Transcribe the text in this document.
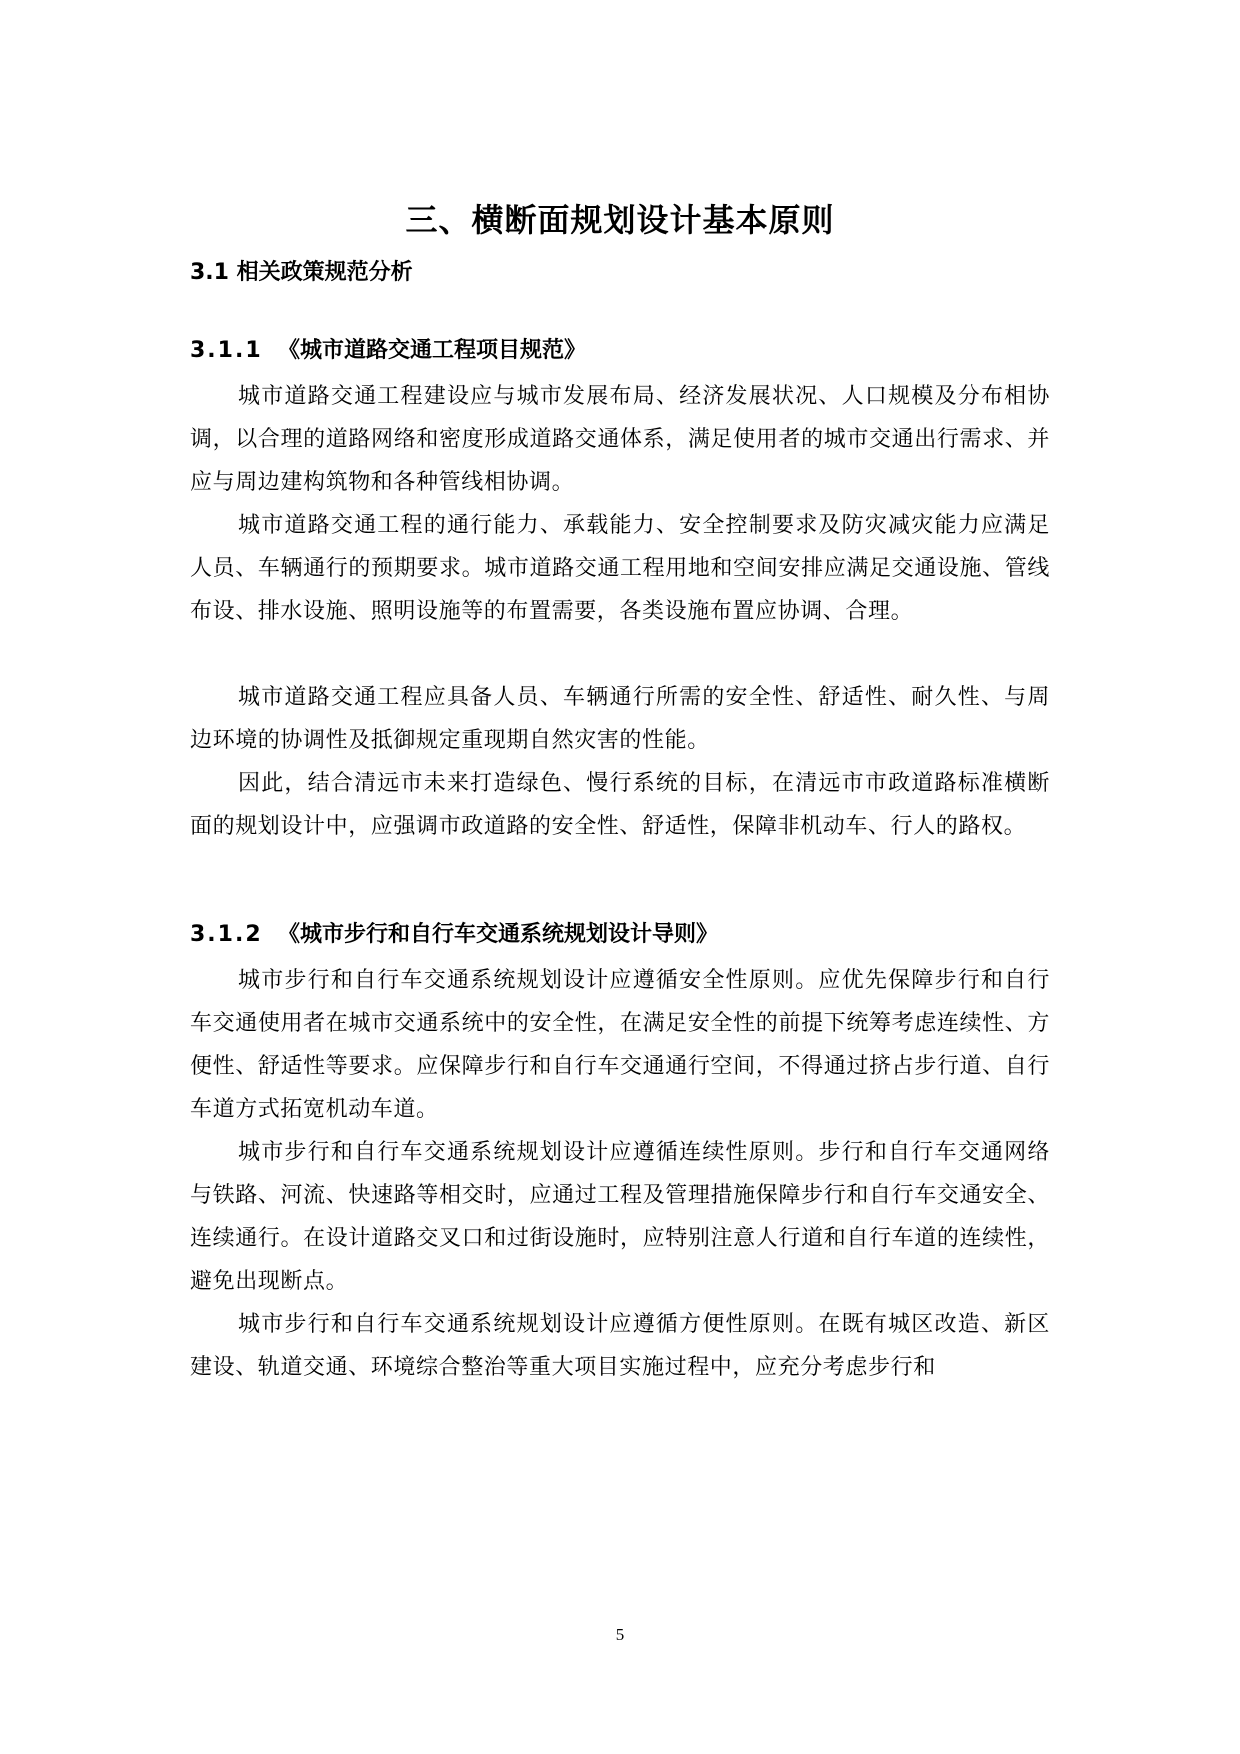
三、横断面规划设计基本原则
3.1 相关政策规范分析
3.1.1 《城市道路交通工程项目规范》

城市道路交通工程建设应与城市发展布局、经济发展状况、人口规模及分布相协调，以合理的道路网络和密度形成道路交通体系，满足使用者的城市交通出行需求、并应与周边建构筑物和各种管线相协调。

城市道路交通工程的通行能力、承载能力、安全控制要求及防灾减灾能力应满足人员、车辆通行的预期要求。城市道路交通工程用地和空间安排应满足交通设施、管线布设、排水设施、照明设施等的布置需要，各类设施布置应协调、合理。

城市道路交通工程应具备人员、车辆通行所需的安全性、舒适性、耐久性、与周边环境的协调性及抵御规定重现期自然灾害的性能。

因此，结合清远市未来打造绿色、慢行系统的目标，在清远市市政道路标准横断面的规划设计中，应强调市政道路的安全性、舒适性，保障非机动车、行人的路权。

3.1.2 《城市步行和自行车交通系统规划设计导则》

城市步行和自行车交通系统规划设计应遵循安全性原则。应优先保障步行和自行车交通使用者在城市交通系统中的安全性，在满足安全性的前提下统筹考虑连续性、方便性、舒适性等要求。应保障步行和自行车交通通行空间，不得通过挤占步行道、自行车道方式拓宽机动车道。

城市步行和自行车交通系统规划设计应遵循连续性原则。步行和自行车交通网络与铁路、河流、快速路等相交时，应通过工程及管理措施保障步行和自行车交通安全、连续通行。在设计道路交叉口和过街设施时，应特别注意人行道和自行车道的连续性，避免出现断点。

城市步行和自行车交通系统规划设计应遵循方便性原则。在既有城区改造、新区建设、轨道交通、环境综合整治等重大项目实施过程中，应充分考虑步行和

5
